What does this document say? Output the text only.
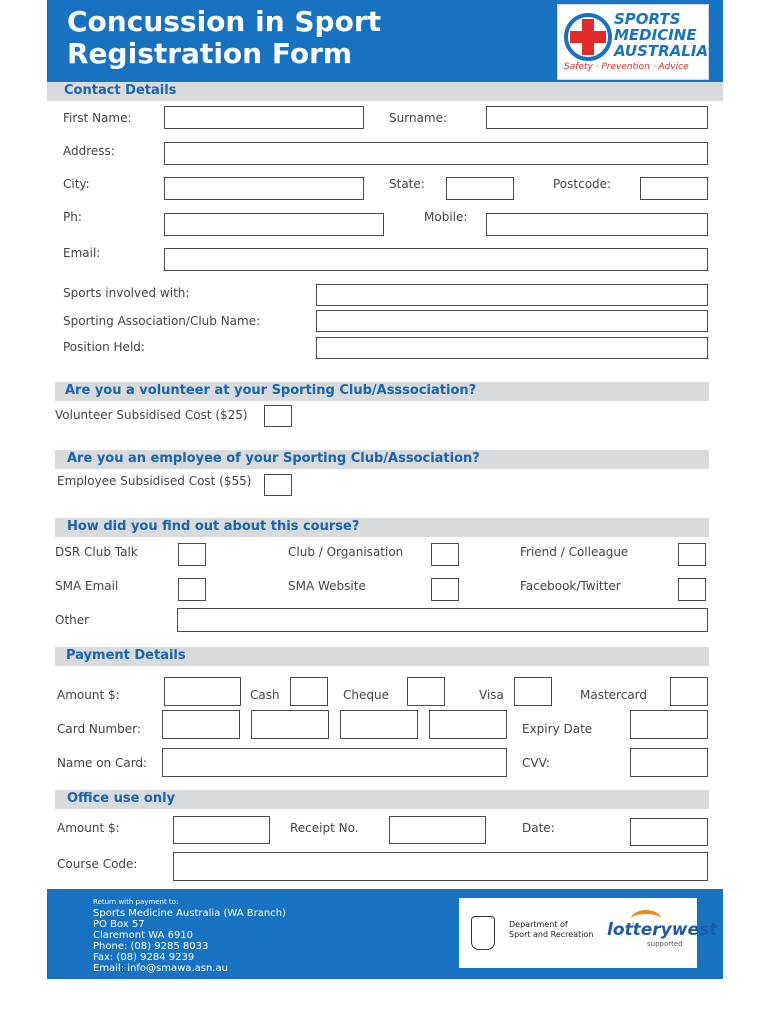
Concussion in Sport
Registration Form
SPORTS
MEDICINE
AUSTRALIA
Safety · Prevention · Advice
Contact Details
First Name:	Surname:
Address:
City:	State:	Postcode:
Ph:	Mobile:
Email:
Sports involved with:
Sporting Association/Club Name:
Position Held:
Are you a volunteer at your Sporting Club/Asssociation?
Volunteer Subsidised Cost ($25)
Are you an employee of your Sporting Club/Association?
Employee Subsidised Cost ($55)
How did you find out about this course?
DSR Club Talk	Club / Organisation	Friend / Colleague
SMA Email	SMA Website	Facebook/Twitter
Other
Payment Details
Amount $:	Cash	Cheque	Visa	Mastercard
Card Number:	Expiry Date
Name on Card:	CVV:
Office use only
Amount $:	Receipt No.	Date:
Course Code:
Return with payment to:
Sports Medicine Australia (WA Branch)
PO Box 57
Claremont WA 6910
Phone: (08) 9285 8033
Fax: (08) 9284 9239
Email: info@smawa.asn.au
Department of
Sport and Recreation lotterywest
supported
